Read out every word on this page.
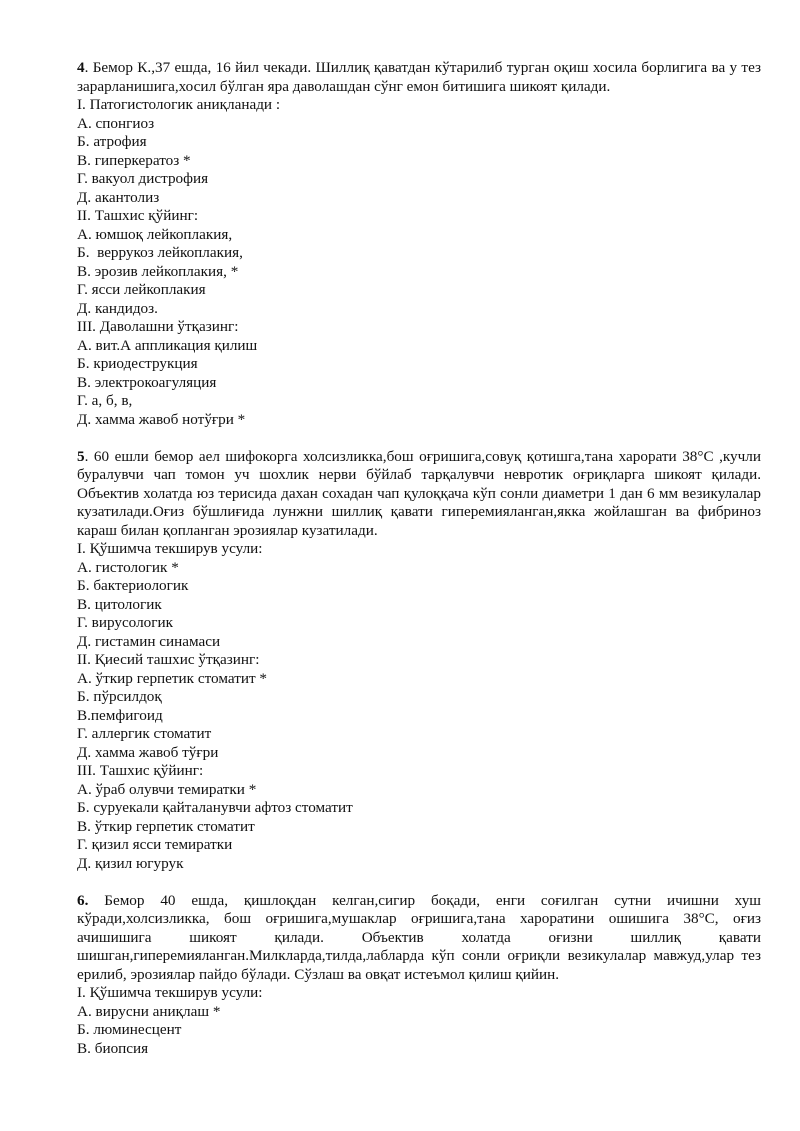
4. Бемор К.,37 ешда, 16 йил чекади. Шиллиқ қаватдан кўтарилиб турган оқиш хосила борлигига ва у тез зарарланишига,хосил бўлган яра даволашдан сўнг емон битишига шикоят қилади.

I. Патогистологик аниқланади :

А. спонгиоз

Б. атрофия

В. гиперкератоз *

Г. вакуол дистрофия

Д. акантолиз

II. Ташхис қўйинг:

А. юмшоқ лейкоплакия,

Б.  веррукоз лейкоплакия,

В. эрозив лейкоплакия, *

Г. ясси лейкоплакия

Д. кандидоз.

III. Даволашни ўтқазинг:

А. вит.А аппликация қилиш

Б. криодеструкция

В. электрокоагуляция

Г. а, б, в,

Д. хамма жавоб нотўғри *

5. 60 ешли бемор аел шифокорга холсизликка,бош оғришига,совуқ қотишга,тана харорати 38°С ,кучли буралувчи чап томон уч шохлик нерви бўйлаб тарқалувчи невротик оғриқларга шикоят қилади. Объектив холатда юз терисида дахан сохадан чап қулоққача кўп сонли диаметри 1 дан 6 мм везикулалар кузатилади.Оғиз бўшлиғида лунжни шиллиқ қавати гиперемияланган,якка жойлашган ва фибриноз караш билан қопланган эрозиялар кузатилади.

I. Қўшимча текширув усули:

А. гистологик *

Б. бактериологик

В. цитологик

Г. вирусологик

Д. гистамин синамаси

II. Қиесий ташхис ўтқазинг:

А. ўткир герпетик стоматит *

Б. пўрсилдоқ

В.пемфигоид

Г. аллергик стоматит

Д. хамма жавоб тўғри

III. Ташхис қўйинг:

А. ўраб олувчи темиратки *

Б. суруекали қайталанувчи афтоз стоматит

В. ўткир герпетик стоматит

Г. қизил ясси темиратки

Д. қизил югурук

6. Бемор 40 ешда, қишлоқдан келган,сигир боқади, енги соғилган сутни ичишни хуш кўради,холсизликка, бош оғришига,мушаклар оғришига,тана хароратини ошишига 38°С, оғиз ачишишига шикоят қилади. Объектив холатда оғизни шиллиқ қавати шишган,гиперемияланган.Милкларда,тилда,лабларда кўп сонли оғриқли везикулалар мавжуд,улар тез ерилиб, эрозиялар пайдо бўлади. Сўзлаш ва овқат истеъмол қилиш қийин.

I. Қўшимча текширув усули:

А. вирусни аниқлаш *

Б. люминесцент

В. биопсия
